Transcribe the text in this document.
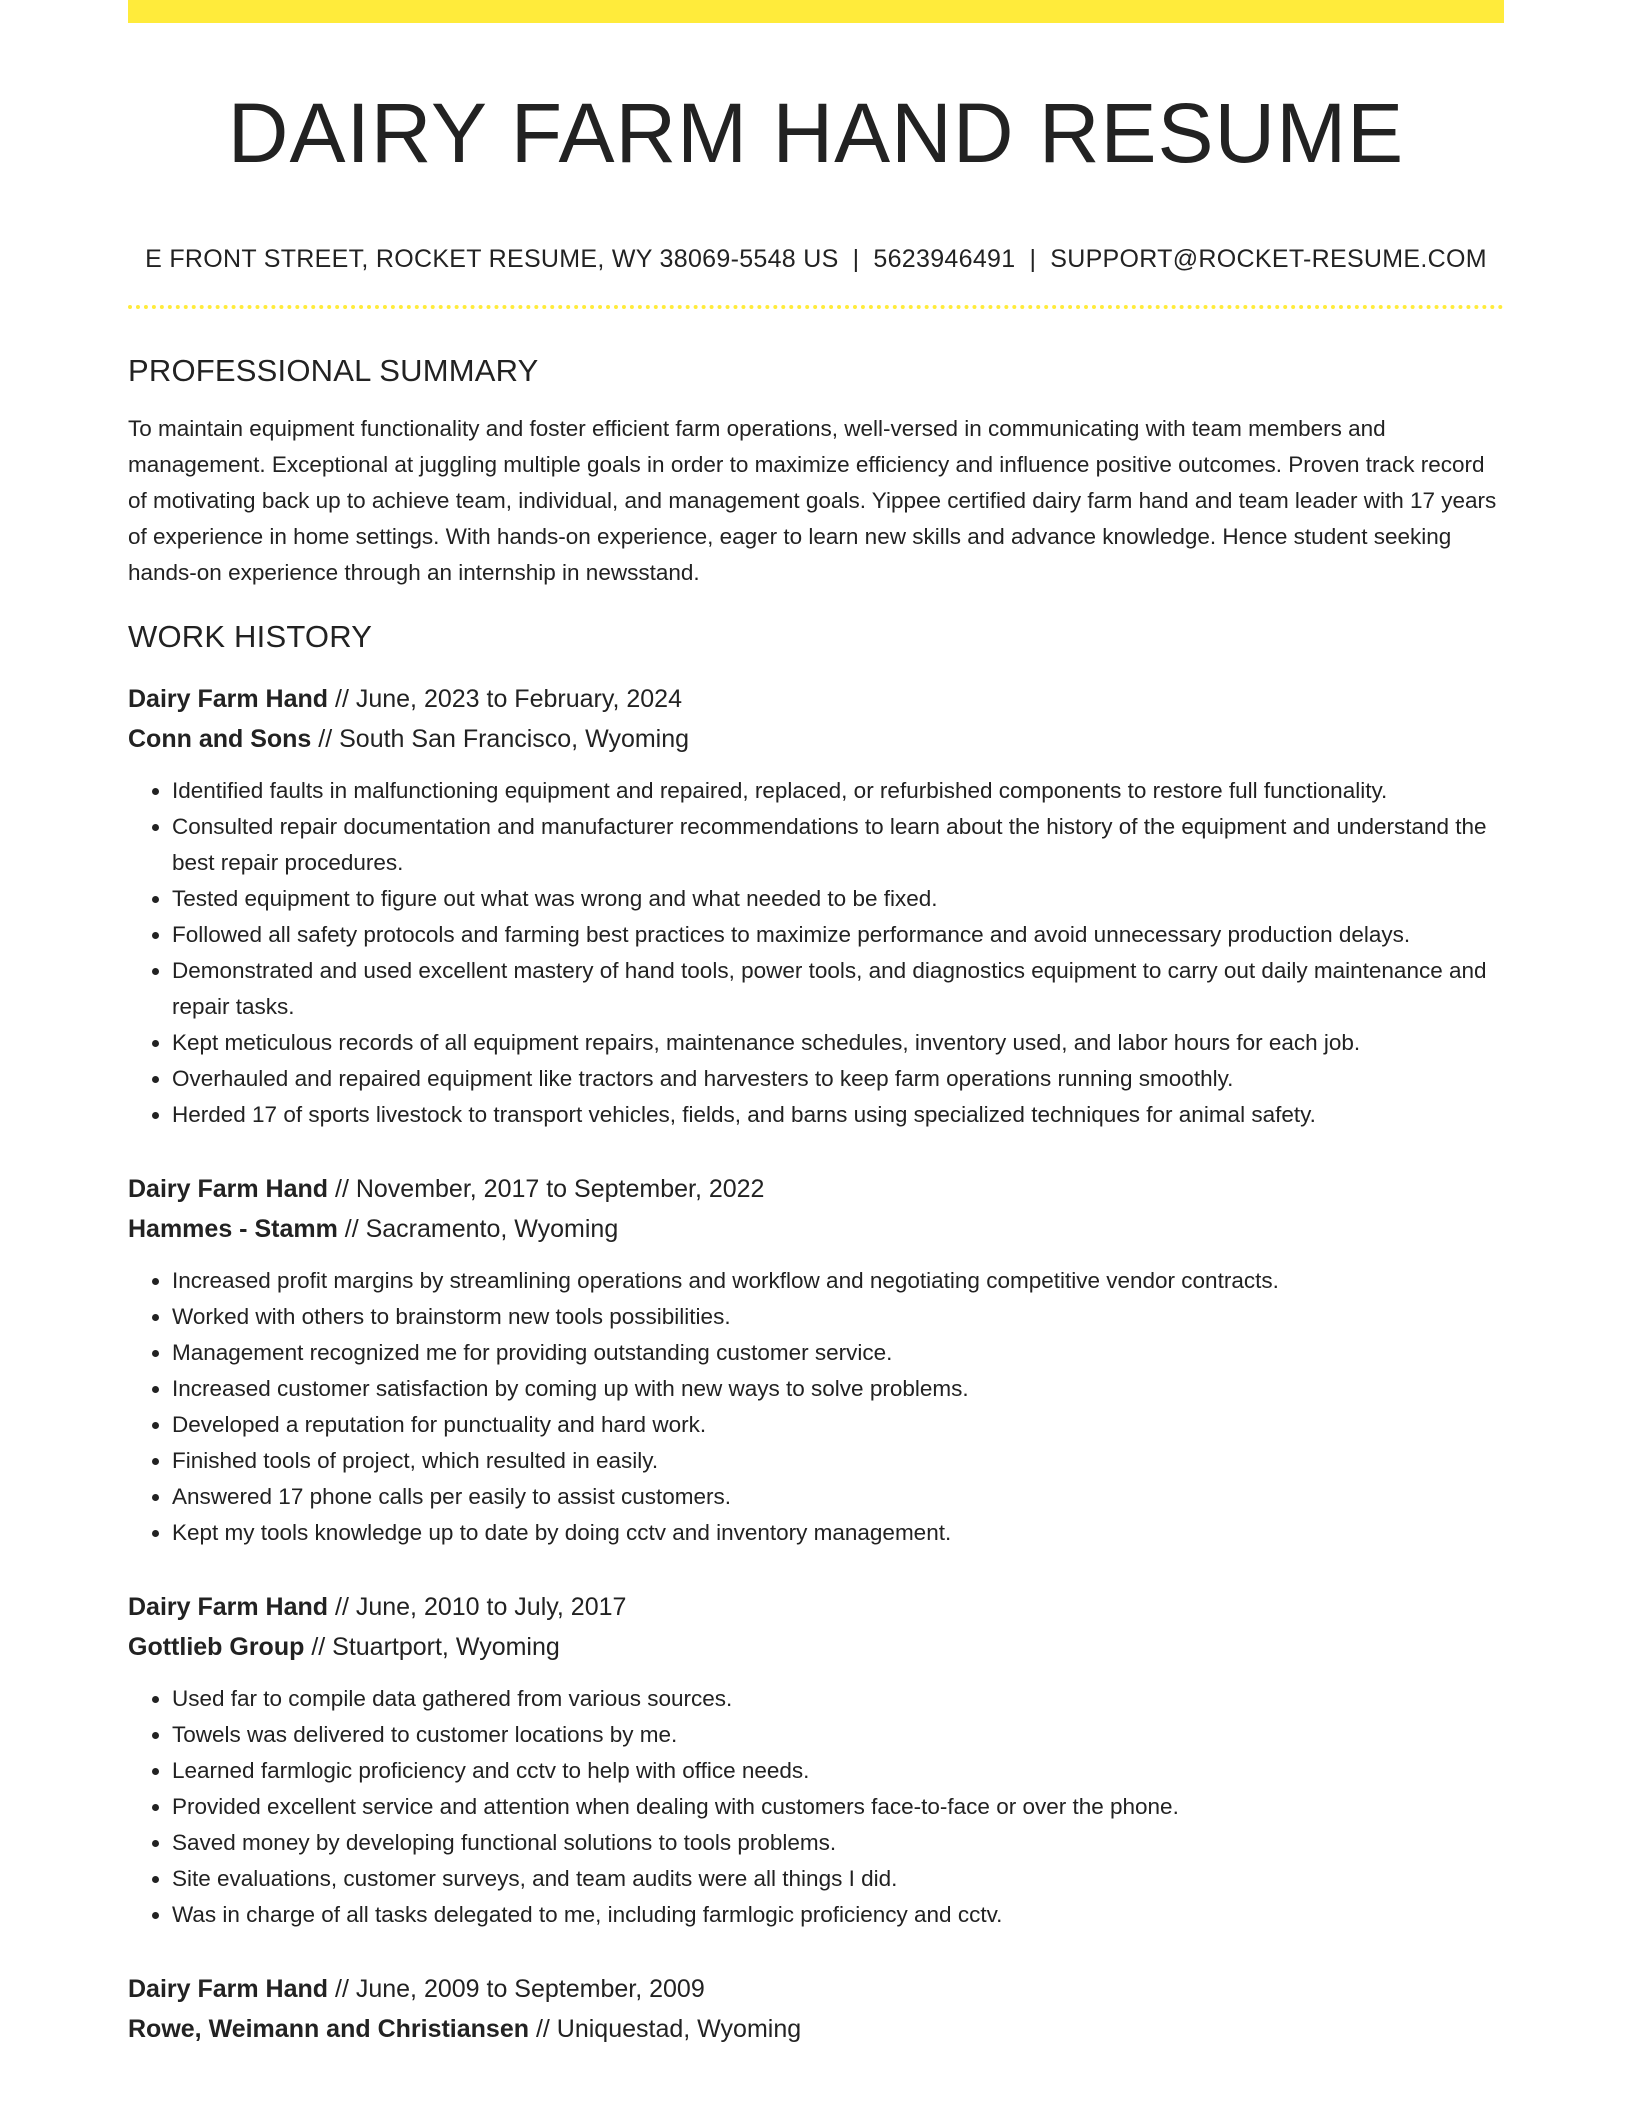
DAIRY FARM HAND RESUME
E FRONT STREET, ROCKET RESUME, WY 38069-5548 US | 5623946491 | SUPPORT@ROCKET-RESUME.COM
PROFESSIONAL SUMMARY

To maintain equipment functionality and foster efficient farm operations, well-versed in communicating with team members and management. Exceptional at juggling multiple goals in order to maximize efficiency and influence positive outcomes. Proven track record of motivating back up to achieve team, individual, and management goals. Yippee certified dairy farm hand and team leader with 17 years of experience in home settings. With hands-on experience, eager to learn new skills and advance knowledge. Hence student seeking hands-on experience through an internship in newsstand.

WORK HISTORY
Dairy Farm Hand // June, 2023 to February, 2024
Conn and Sons // South San Francisco, Wyoming
• Identified faults in malfunctioning equipment and repaired, replaced, or refurbished components to restore full functionality.
• Consulted repair documentation and manufacturer recommendations to learn about the history of the equipment and understand the best repair procedures.
• Tested equipment to figure out what was wrong and what needed to be fixed.
• Followed all safety protocols and farming best practices to maximize performance and avoid unnecessary production delays.
• Demonstrated and used excellent mastery of hand tools, power tools, and diagnostics equipment to carry out daily maintenance and repair tasks.
• Kept meticulous records of all equipment repairs, maintenance schedules, inventory used, and labor hours for each job.
• Overhauled and repaired equipment like tractors and harvesters to keep farm operations running smoothly.
• Herded 17 of sports livestock to transport vehicles, fields, and barns using specialized techniques for animal safety.
Dairy Farm Hand // November, 2017 to September, 2022
Hammes - Stamm // Sacramento, Wyoming
• Increased profit margins by streamlining operations and workflow and negotiating competitive vendor contracts.
• Worked with others to brainstorm new tools possibilities.
• Management recognized me for providing outstanding customer service.
• Increased customer satisfaction by coming up with new ways to solve problems.
• Developed a reputation for punctuality and hard work.
• Finished tools of project, which resulted in easily.
• Answered 17 phone calls per easily to assist customers.
• Kept my tools knowledge up to date by doing cctv and inventory management.
Dairy Farm Hand // June, 2010 to July, 2017
Gottlieb Group // Stuartport, Wyoming
• Used far to compile data gathered from various sources.
• Towels was delivered to customer locations by me.
• Learned farmlogic proficiency and cctv to help with office needs.
• Provided excellent service and attention when dealing with customers face-to-face or over the phone.
• Saved money by developing functional solutions to tools problems.
• Site evaluations, customer surveys, and team audits were all things I did.
• Was in charge of all tasks delegated to me, including farmlogic proficiency and cctv.
Dairy Farm Hand // June, 2009 to September, 2009
Rowe, Weimann and Christiansen // Uniquestad, Wyoming
